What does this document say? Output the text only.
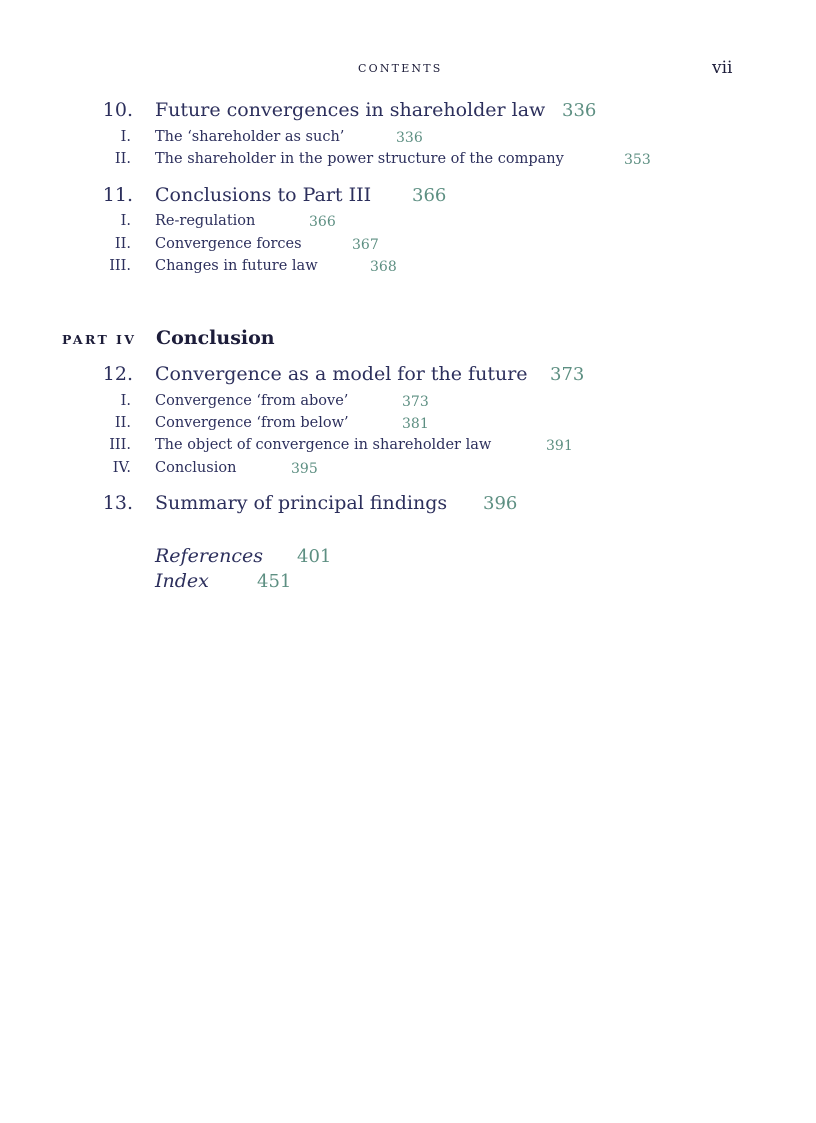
CONTENTS	vii
10. Future convergences in shareholder law 336
I. The ‘shareholder as such’	336
II. The shareholder in the power structure of the company	353
11. Conclusions to Part III 366
I. Re-regulation	366
II. Convergence forces	367
III. Changes in future law	368
PART IV Conclusion
12. Convergence as a model for the future 373
I. Convergence ‘from above’	373
II. Convergence ‘from below’	381
III. The object of convergence in shareholder law	391
IV. Conclusion	395
13. Summary of principal findings 396
References 401
Index	451
